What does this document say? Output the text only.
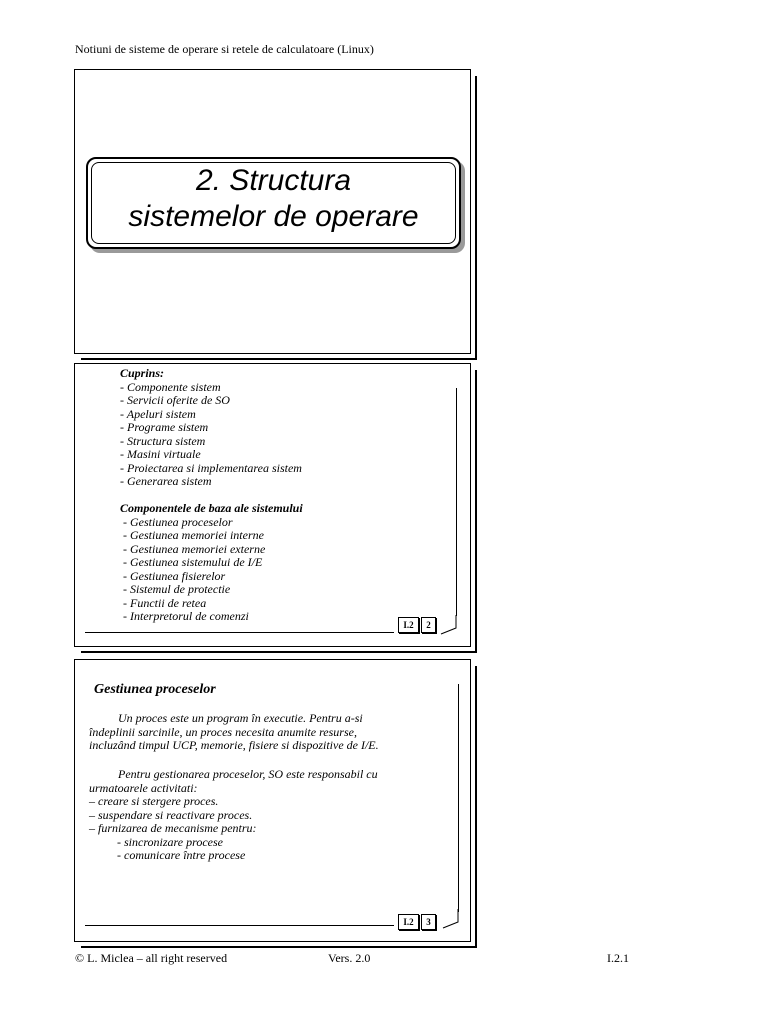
Notiuni de sisteme de operare si retele de calculatoare (Linux)
2. Structura
sistemelor de operare
Cuprins:
- Componente sistem
- Servicii oferite de SO
- Apeluri sistem
- Programe sistem
- Structura sistem
- Masini virtuale
- Proiectarea si implementarea sistem
- Generarea sistem
Componentele de baza ale sistemului
- Gestiunea proceselor
- Gestiunea memoriei interne
- Gestiunea memoriei externe
- Gestiunea sistemului de I/E
- Gestiunea fisierelor
- Sistemul de protectie
- Functii de retea
- Interpretorul de comenzi
I.2	2
Gestiunea proceselor
Un proces este un program în executie. Pentru a-si
îndeplinii sarcinile, un proces necesita anumite resurse,
incluzând timpul UCP, memorie, fisiere si dispozitive de I/E.
Pentru gestionarea proceselor, SO este responsabil cu
urmatoarele activitati:
– creare si stergere proces.
– suspendare si reactivare proces.
– furnizarea de mecanisme pentru:
- sincronizare procese
- comunicare între procese
I.2	3
© L. Miclea – all right reserved	Vers. 2.0	I.2.1
